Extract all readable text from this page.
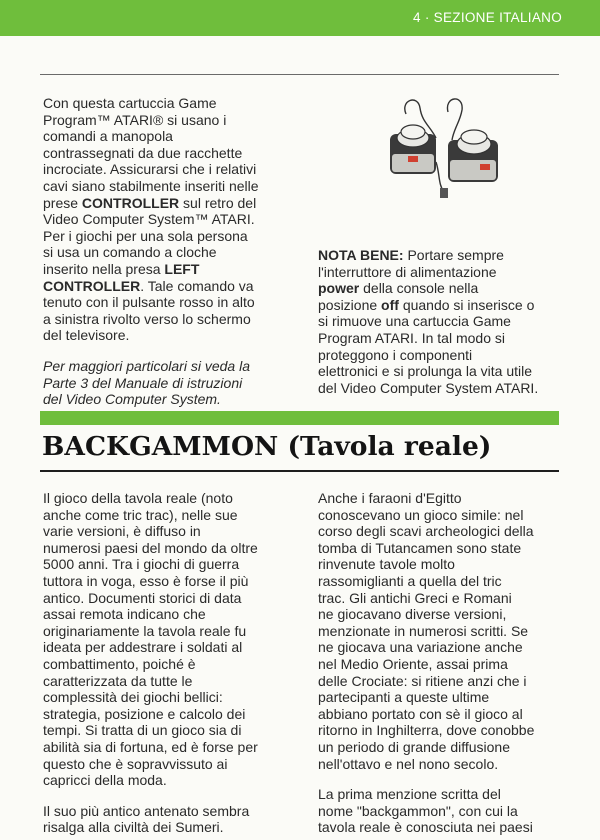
4 · SEZIONE ITALIANO

Con questa cartuccia Game
Program™ ATARI® si usano i
comandi a manopola
contrassegnati da due racchette
incrociate. Assicurarsi che i relativi
cavi siano stabilmente inseriti nelle
prese CONTROLLER sul retro del
Video Computer System™ ATARI.
Per i giochi per una sola persona
si usa un comando a cloche
inserito nella presa LEFT
CONTROLLER. Tale comando va
tenuto con il pulsante rosso in alto
a sinistra rivolto verso lo schermo
del televisore.

Per maggiori particolari si veda la
Parte 3 del Manuale di istruzioni
del Video Computer System.

NOTA BENE: Portare sempre
l'interruttore di alimentazione
power della console nella
posizione off quando si inserisce o
si rimuove una cartuccia Game
Program ATARI. In tal modo si
proteggono i componenti
elettronici e si prolunga la vita utile
del Video Computer System ATARI.

BACKGAMMON (Tavola reale)

Il gioco della tavola reale (noto
anche come tric trac), nelle sue
varie versioni, è diffuso in
numerosi paesi del mondo da oltre
5000 anni. Tra i giochi di guerra
tuttora in voga, esso è forse il più
antico. Documenti storici di data
assai remota indicano che
originariamente la tavola reale fu
ideata per addestrare i soldati al
combattimento, poiché è
caratterizzata da tutte le
complessità dei giochi bellici:
strategia, posizione e calcolo dei
tempi. Si tratta di un gioco sia di
abilità sia di fortuna, ed è forse per
questo che è sopravvissuto ai
capricci della moda.

Il suo più antico antenato sembra
risalga alla civiltà dei Sumeri.

Anche i faraoni d'Egitto
conoscevano un gioco simile: nel
corso degli scavi archeologici della
tomba di Tutancamen sono state
rinvenute tavole molto
rassomiglianti a quella del tric
trac. Gli antichi Greci e Romani
ne giocavano diverse versioni,
menzionate in numerosi scritti. Se
ne giocava una variazione anche
nel Medio Oriente, assai prima
delle Crociate: si ritiene anzi che i
partecipanti a queste ultime
abbiano portato con sè il gioco al
ritorno in Inghilterra, dove conobbe
un periodo di grande diffusione
nell'ottavo e nel nono secolo.

La prima menzione scritta del
nome "backgammon", con cui la
tavola reale è conosciuta nei paesi
